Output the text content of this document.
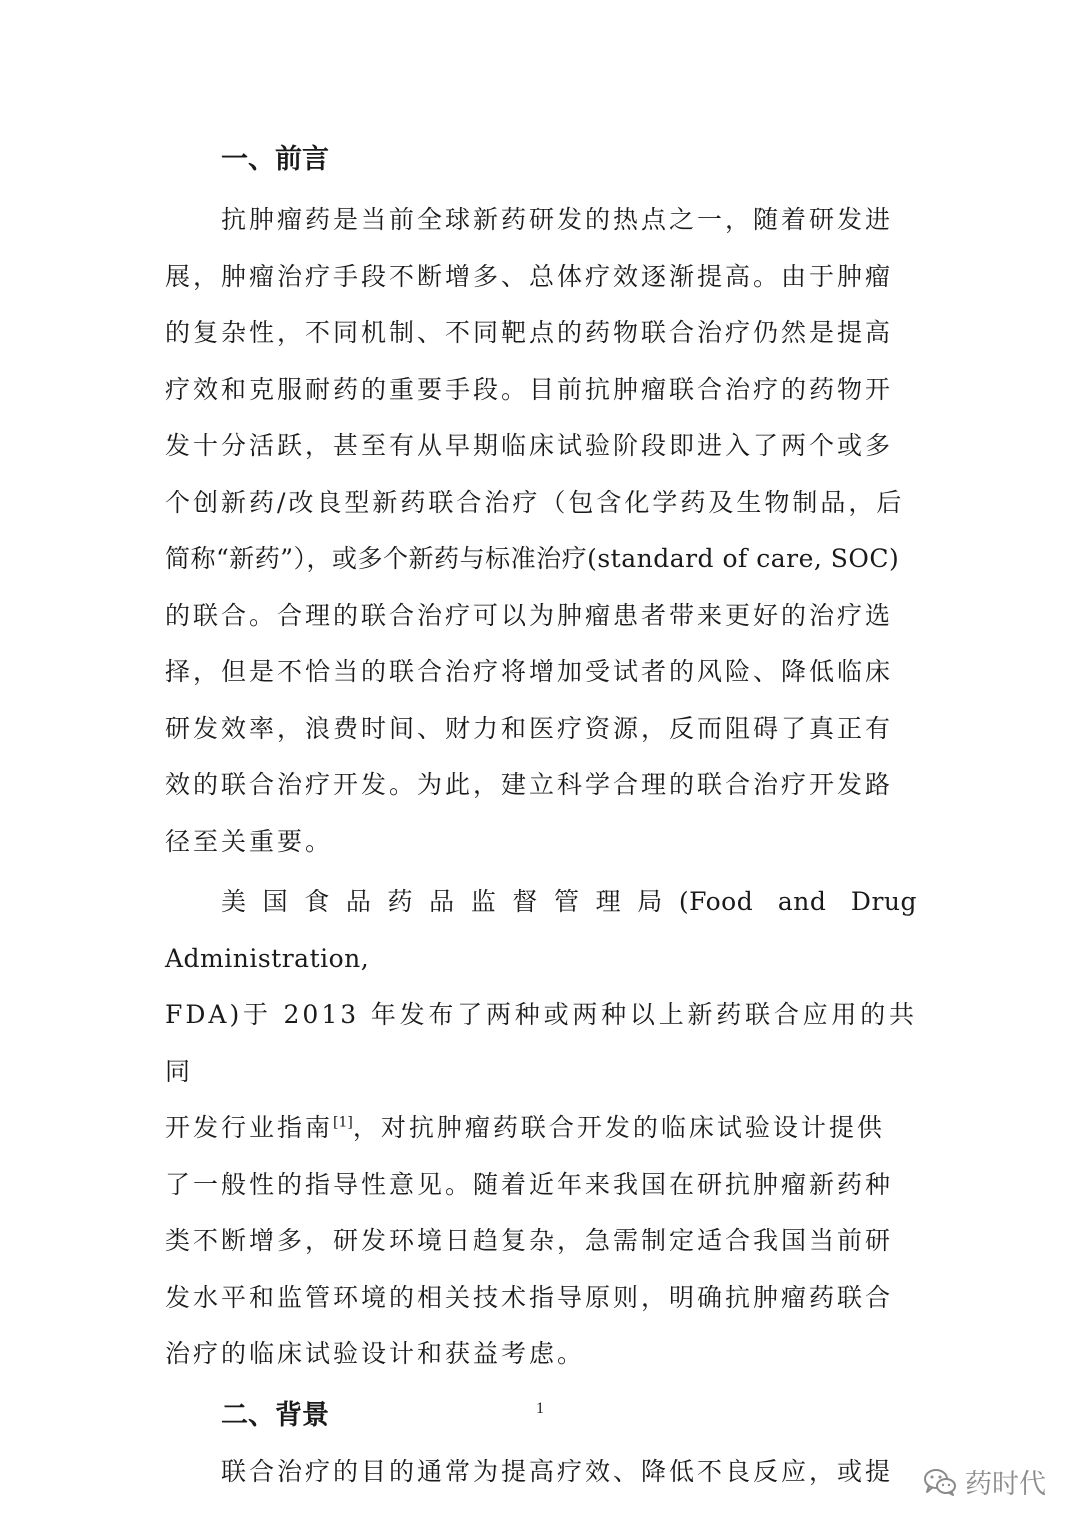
一、前言

抗肿瘤药是当前全球新药研发的热点之一，随着研发进
展，肿瘤治疗手段不断增多、总体疗效逐渐提高。由于肿瘤
的复杂性，不同机制、不同靶点的药物联合治疗仍然是提高
疗效和克服耐药的重要手段。目前抗肿瘤联合治疗的药物开
发十分活跃，甚至有从早期临床试验阶段即进入了两个或多
个创新药/改良型新药联合治疗（包含化学药及生物制品，后
简称“新药”），或多个新药与标准治疗(standard of care, SOC)
的联合。合理的联合治疗可以为肿瘤患者带来更好的治疗选
择，但是不恰当的联合治疗将增加受试者的风险、降低临床
研发效率，浪费时间、财力和医疗资源，反而阻碍了真正有
效的联合治疗开发。为此，建立科学合理的联合治疗开发路
径至关重要。

美国食品药品监督管理局(Food and Drug Administration,
FDA)于 2013 年发布了两种或两种以上新药联合应用的共同
开发行业指南[1]，对抗肿瘤药联合开发的临床试验设计提供
了一般性的指导性意见。随着近年来我国在研抗肿瘤新药种
类不断增多，研发环境日趋复杂，急需制定适合我国当前研
发水平和监管环境的相关技术指导原则，明确抗肿瘤药联合
治疗的临床试验设计和获益考虑。

二、背景

联合治疗的目的通常为提高疗效、降低不良反应，或提

1
药时代
